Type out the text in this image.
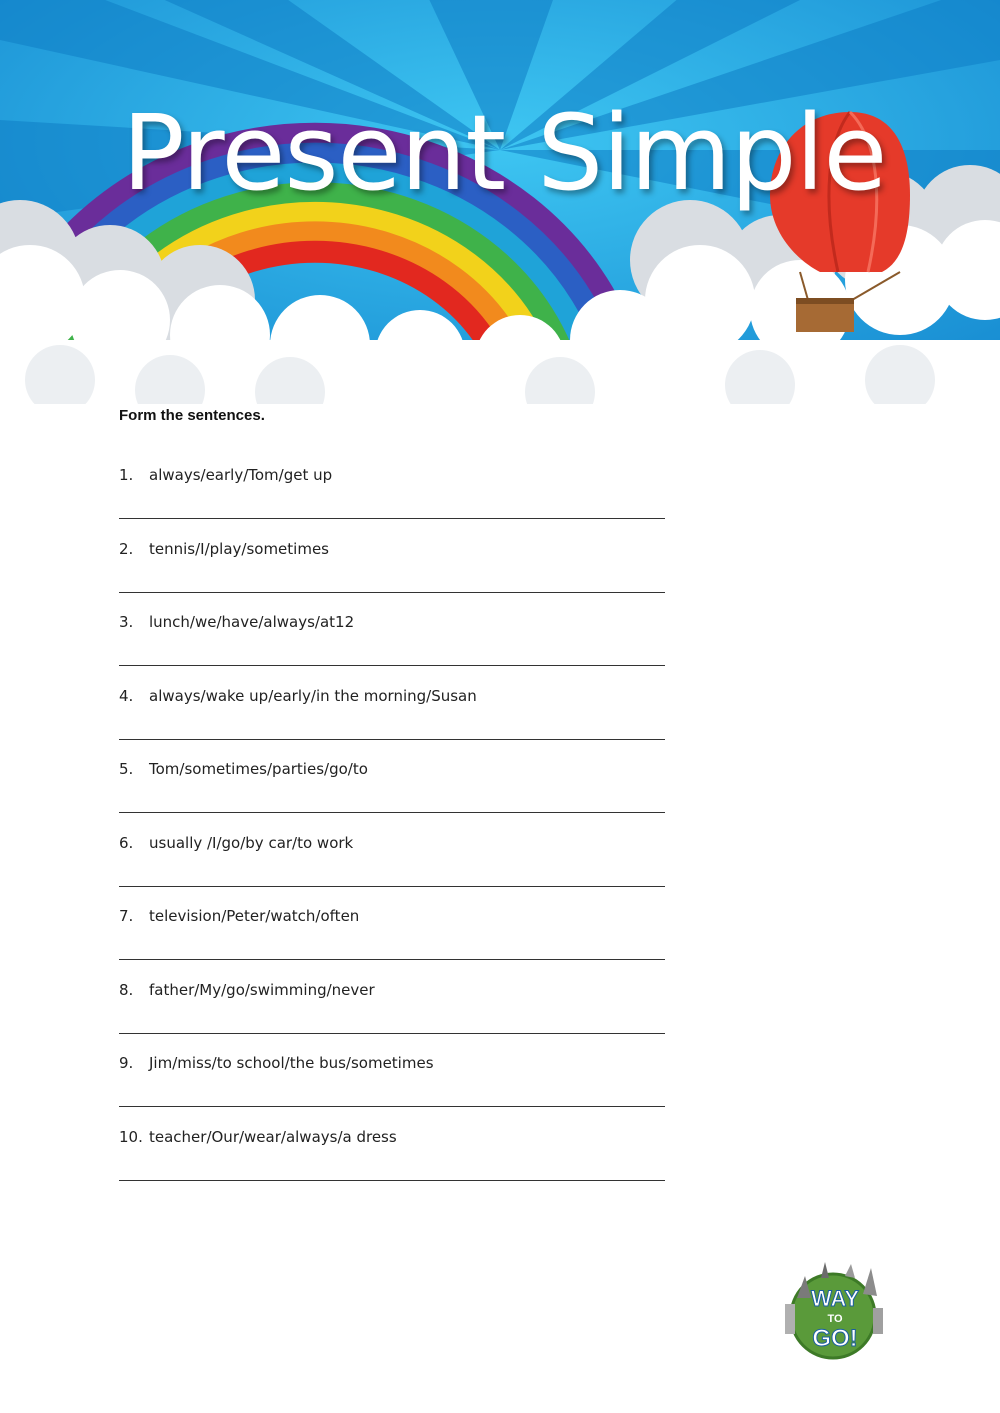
Present Simple
Form the sentences.
1. always/early/Tom/get up
2. tennis/I/play/sometimes
3. lunch/we/have/always/at12
4. always/wake up/early/in the morning/Susan
5. Tom/sometimes/parties/go/to
6. usually /I/go/by car/to work
7. television/Peter/watch/often
8. father/My/go/swimming/never
9. Jim/miss/to school/the bus/sometimes
10. teacher/Our/wear/always/a dress
WAY
TO
GO!
